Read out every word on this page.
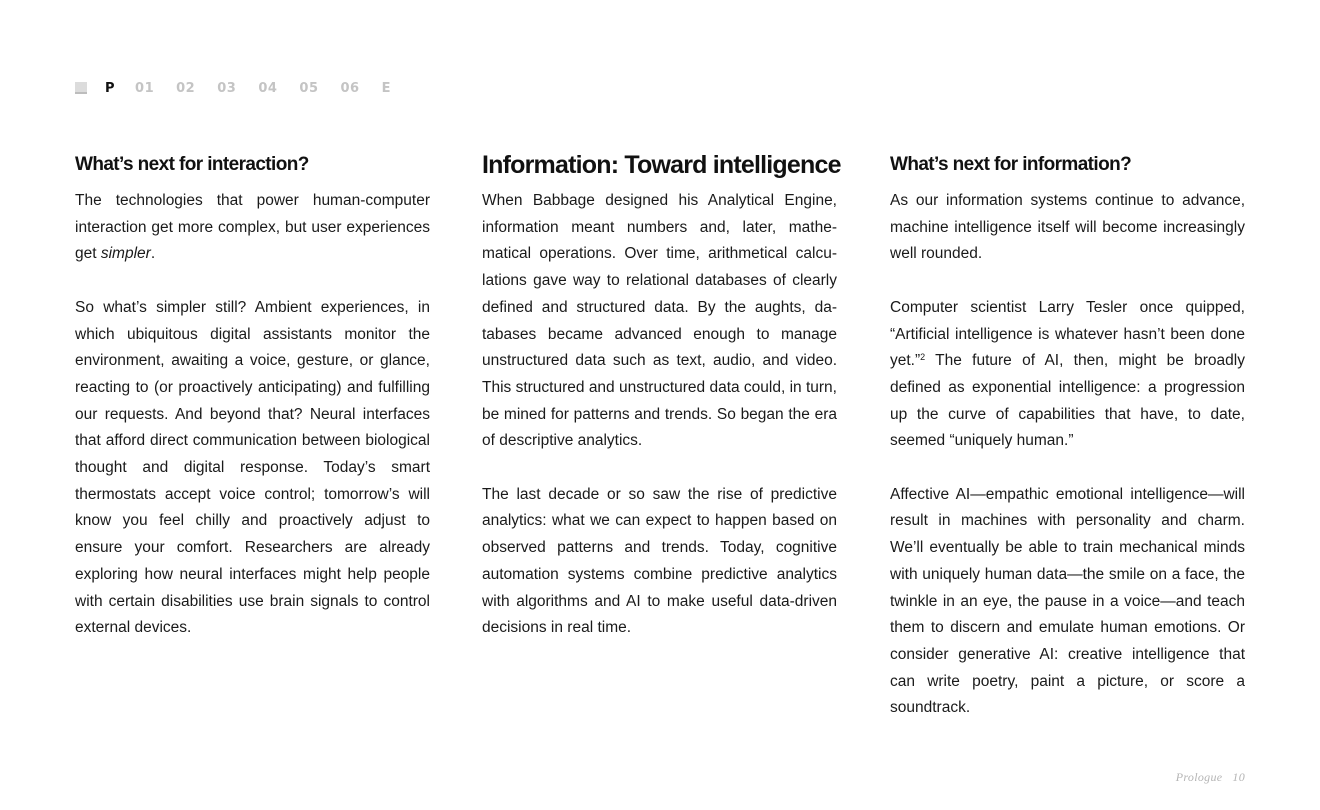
P 01 02 03 04 05 06 E
What’s next for interaction?

The technologies that power human-computer interaction get more complex, but user experiences get simpler.

So what’s simpler still? Ambient experiences, in which ubiquitous digital assistants monitor the environment, awaiting a voice, gesture, or glance, reacting to (or proactively anticipating) and fulfilling our requests. And beyond that? Neural interfaces that afford direct communication between biological thought and digital response. Today’s smart thermostats accept voice control; tomorrow’s will know you feel chilly and proactively adjust to ensure your comfort. Researchers are already exploring how neural interfaces might help people with certain disabilities use brain signals to control external devices.

Information: Toward intelligence

When Babbage designed his Analytical Engine, information meant numbers and, later, mathematical operations. Over time, arithmetical calculations gave way to relational databases of clearly defined and structured data. By the aughts, databases became advanced enough to manage unstructured data such as text, audio, and video. This structured and unstructured data could, in turn, be mined for patterns and trends. So began the era of descriptive analytics.

The last decade or so saw the rise of predictive analytics: what we can expect to happen based on observed patterns and trends. Today, cognitive automation systems combine predictive analytics with algorithms and AI to make useful data-driven decisions in real time.

What’s next for information?

As our information systems continue to advance, machine intelligence itself will become increasingly well rounded.

Computer scientist Larry Tesler once quipped, “Artificial intelligence is whatever hasn’t been done yet.”$^2$ The future of AI, then, might be broadly defined as exponential intelligence: a progression up the curve of capabilities that have, to date, seemed “uniquely human.”

Affective AI—empathic emotional intelligence—will result in machines with personality and charm. We’ll eventually be able to train mechanical minds with uniquely human data—the smile on a face, the twinkle in an eye, the pause in a voice—and teach them to discern and emulate human emotions. Or consider generative AI: creative intelligence that can write poetry, paint a picture, or score a soundtrack.

Prologue 10
